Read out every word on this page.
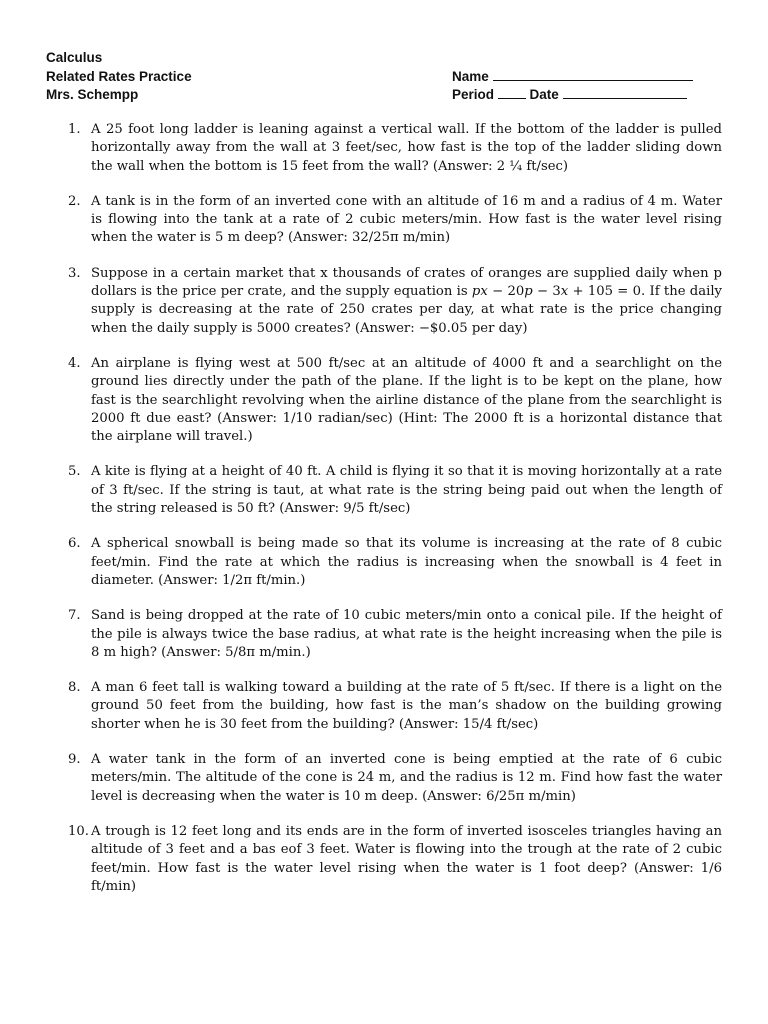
Calculus
Related Rates Practice
Mrs. Schempp
Name
Period	Date
1. A 25 foot long ladder is leaning against a vertical wall. If the bottom of the ladder is pulled horizontally away from the wall at 3 feet/sec, how fast is the top of the ladder sliding down the wall when the bottom is 15 feet from the wall? (Answer: 2 ¼ ft/sec)
2. A tank is in the form of an inverted cone with an altitude of 16 m and a radius of 4 m. Water is flowing into the tank at a rate of 2 cubic meters/min. How fast is the water level rising when the water is 5 m deep? (Answer: 32/25π m/min)
3. Suppose in a certain market that x thousands of crates of oranges are supplied daily when p dollars is the price per crate, and the supply equation is 𝑝𝑥 − 20𝑝 − 3𝑥 + 105 = 0. If the daily supply is decreasing at the rate of 250 crates per day, at what rate is the price changing when the daily supply is 5000 creates? (Answer: −$0.05 per day)
4. An airplane is flying west at 500 ft/sec at an altitude of 4000 ft and a searchlight on the ground lies directly under the path of the plane. If the light is to be kept on the plane, how fast is the searchlight revolving when the airline distance of the plane from the searchlight is 2000 ft due east? (Answer: 1/10 radian/sec) (Hint: The 2000 ft is a horizontal distance that the airplane will travel.)
5. A kite is flying at a height of 40 ft. A child is flying it so that it is moving horizontally at a rate of 3 ft/sec. If the string is taut, at what rate is the string being paid out when the length of the string released is 50 ft? (Answer: 9/5 ft/sec)
6. A spherical snowball is being made so that its volume is increasing at the rate of 8 cubic feet/min. Find the rate at which the radius is increasing when the snowball is 4 feet in diameter. (Answer: 1/2π ft/min.)
7. Sand is being dropped at the rate of 10 cubic meters/min onto a conical pile. If the height of the pile is always twice the base radius, at what rate is the height increasing when the pile is 8 m high? (Answer: 5/8π m/min.)
8. A man 6 feet tall is walking toward a building at the rate of 5 ft/sec. If there is a light on the ground 50 feet from the building, how fast is the man’s shadow on the building growing shorter when he is 30 feet from the building? (Answer: 15/4 ft/sec)
9. A water tank in the form of an inverted cone is being emptied at the rate of 6 cubic meters/min. The altitude of the cone is 24 m, and the radius is 12 m. Find how fast the water level is decreasing when the water is 10 m deep. (Answer: 6/25π m/min)
10. A trough is 12 feet long and its ends are in the form of inverted isosceles triangles having an altitude of 3 feet and a bas eof 3 feet. Water is flowing into the trough at the rate of 2 cubic feet/min. How fast is the water level rising when the water is 1 foot deep? (Answer: 1/6 ft/min)
